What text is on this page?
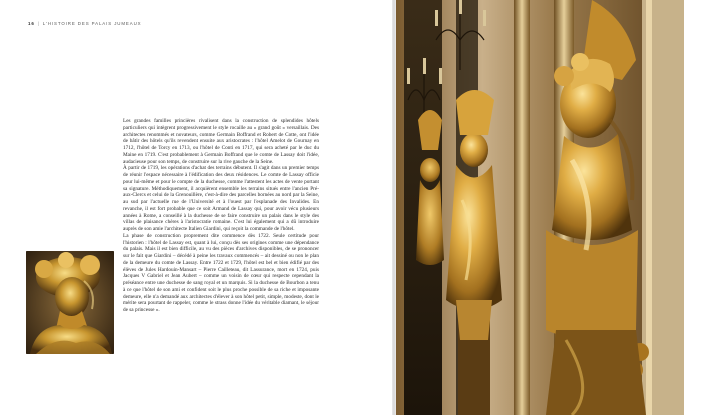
16 | L'HISTOIRE DES PALAIS JUMEAUX

Les grandes familles princières rivalisent dans la construction de splendides hôtels particuliers qui intègrent progressivement le style rocaille au « grand goût » versaillais. Des architectes renommés et novateurs, comme Germain Boffrand et Robert de Cotte, ont l'idée de bâtir des hôtels qu'ils revendent ensuite aux aristocrates : l'hôtel Amelot de Gournay en 1712, l'hôtel de Torcy en 1713, ou l'hôtel de Conti en 1717, qui sera acheté par le duc du Maine en 1719. C'est probablement à Germain Boffrand que le comte de Lassay doit l'idée, audacieuse pour son temps, de construire sur la rive gauche de la Seine.

À partir de 1719, les opérations d'achat des terrains débutent. Il s'agit dans un premier temps de réunir l'espace nécessaire à l'édification des deux résidences. Le comte de Lassay officie pour lui-même et pour le compte de la duchesse, comme l'attestent les actes de vente portant sa signature. Méthodiquement, il acquièrent ensemble les terrains situés entre l'ancien Pré-aux-Clercs et celui de la Grenouillère, c'est-à-dire des parcelles bornées au nord par la Seine, au sud par l'actuelle rue de l'Université et à l'ouest par l'esplanade des Invalides. En revanche, il est fort probable que ce soit Armand de Lassay qui, pour avoir vécu plusieurs années à Rome, a conseillé à la duchesse de se faire construire un palais dans le style des villas de plaisance chères à l'aristocratie romaine. C'est lui également qui a dû introduire auprès de son amie l'architecte Italien Giardini, qui reçoit la commande de l'hôtel.

La phase de construction proprement dite commence dès 1722. Seule certitude pour l'historien : l'hôtel de Lassay est, quant à lui, conçu dès ses origines comme une dépendance du palais. Mais il est bien difficile, au vu des pièces d'archives disponibles, de se prononcer sur le fait que Giardini – décédé à peine les travaux commencés – ait dessiné ou non le plan de la demeure du comte de Lassay. Entre 1722 et 1729, l'hôtel est bel et bien édifié par des élèves de Jules Hardouin-Mansart – Pierre Cailleteau, dit Lassurance, mort en 1724, puis Jacques V Gabriel et Jean Aubert – comme un voisin de cœur qui respecte cependant la préséance entre une duchesse de sang royal et un marquis. Si la duchesse de Bourbon a tenu à ce que l'hôtel de son ami et confident soit le plus proche possible de sa riche et imposante demeure, elle n'a demandé aux architectes d'élever à son hôtel petit, simple, modeste, dont le mérite sera pourtant de rappeler, comme le strass donne l'idée du véritable diamant, le séjour de sa princesse ».
